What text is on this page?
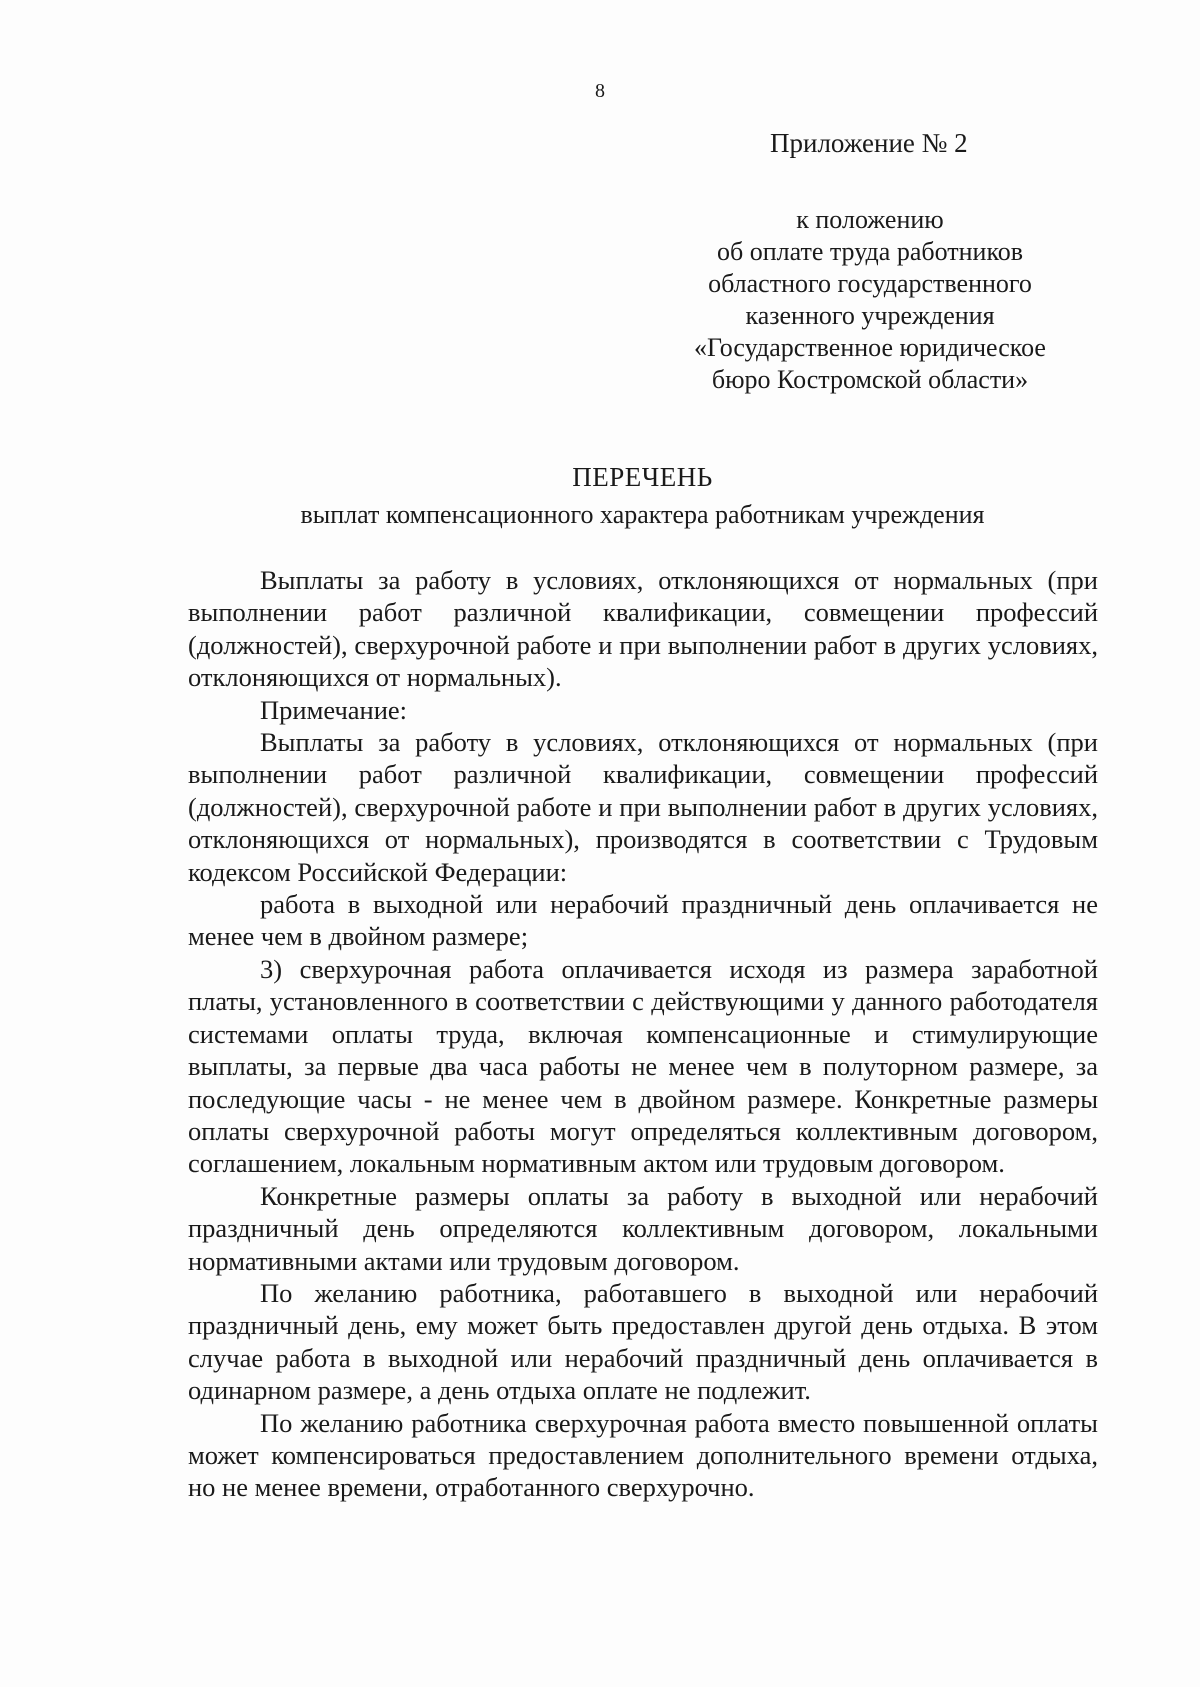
8
Приложение № 2
к положению
об оплате труда работников
областного государственного
казенного учреждения
«Государственное юридическое
бюро Костромской области»
ПЕРЕЧЕНЬ
выплат компенсационного характера работникам учреждения

Выплаты за работу в условиях, отклоняющихся от нормальных (при выполнении работ различной квалификации, совмещении профессий (должностей), сверхурочной работе и при выполнении работ в других условиях, отклоняющихся от нормальных).

Примечание:

Выплаты за работу в условиях, отклоняющихся от нормальных (при выполнении работ различной квалификации, совмещении профессий (должностей), сверхурочной работе и при выполнении работ в других условиях, отклоняющихся от нормальных), производятся в соответствии с Трудовым кодексом Российской Федерации:

работа в выходной или нерабочий праздничный день оплачивается не менее чем в двойном размере;

3) сверхурочная работа оплачивается исходя из размера заработной платы, установленного в соответствии с действующими у данного работодателя системами оплаты труда, включая компенсационные и стимулирующие выплаты, за первые два часа работы не менее чем в полуторном размере, за последующие часы - не менее чем в двойном размере. Конкретные размеры оплаты сверхурочной работы могут определяться коллективным договором, соглашением, локальным нормативным актом или трудовым договором.

Конкретные размеры оплаты за работу в выходной или нерабочий праздничный день определяются коллективным договором, локальными нормативными актами или трудовым договором.

По желанию работника, работавшего в выходной или нерабочий праздничный день, ему может быть предоставлен другой день отдыха. В этом случае работа в выходной или нерабочий праздничный день оплачивается в одинарном размере, а день отдыха оплате не подлежит.

По желанию работника сверхурочная работа вместо повышенной оплаты может компенсироваться предоставлением дополнительного времени отдыха, но не менее времени, отработанного сверхурочно.
